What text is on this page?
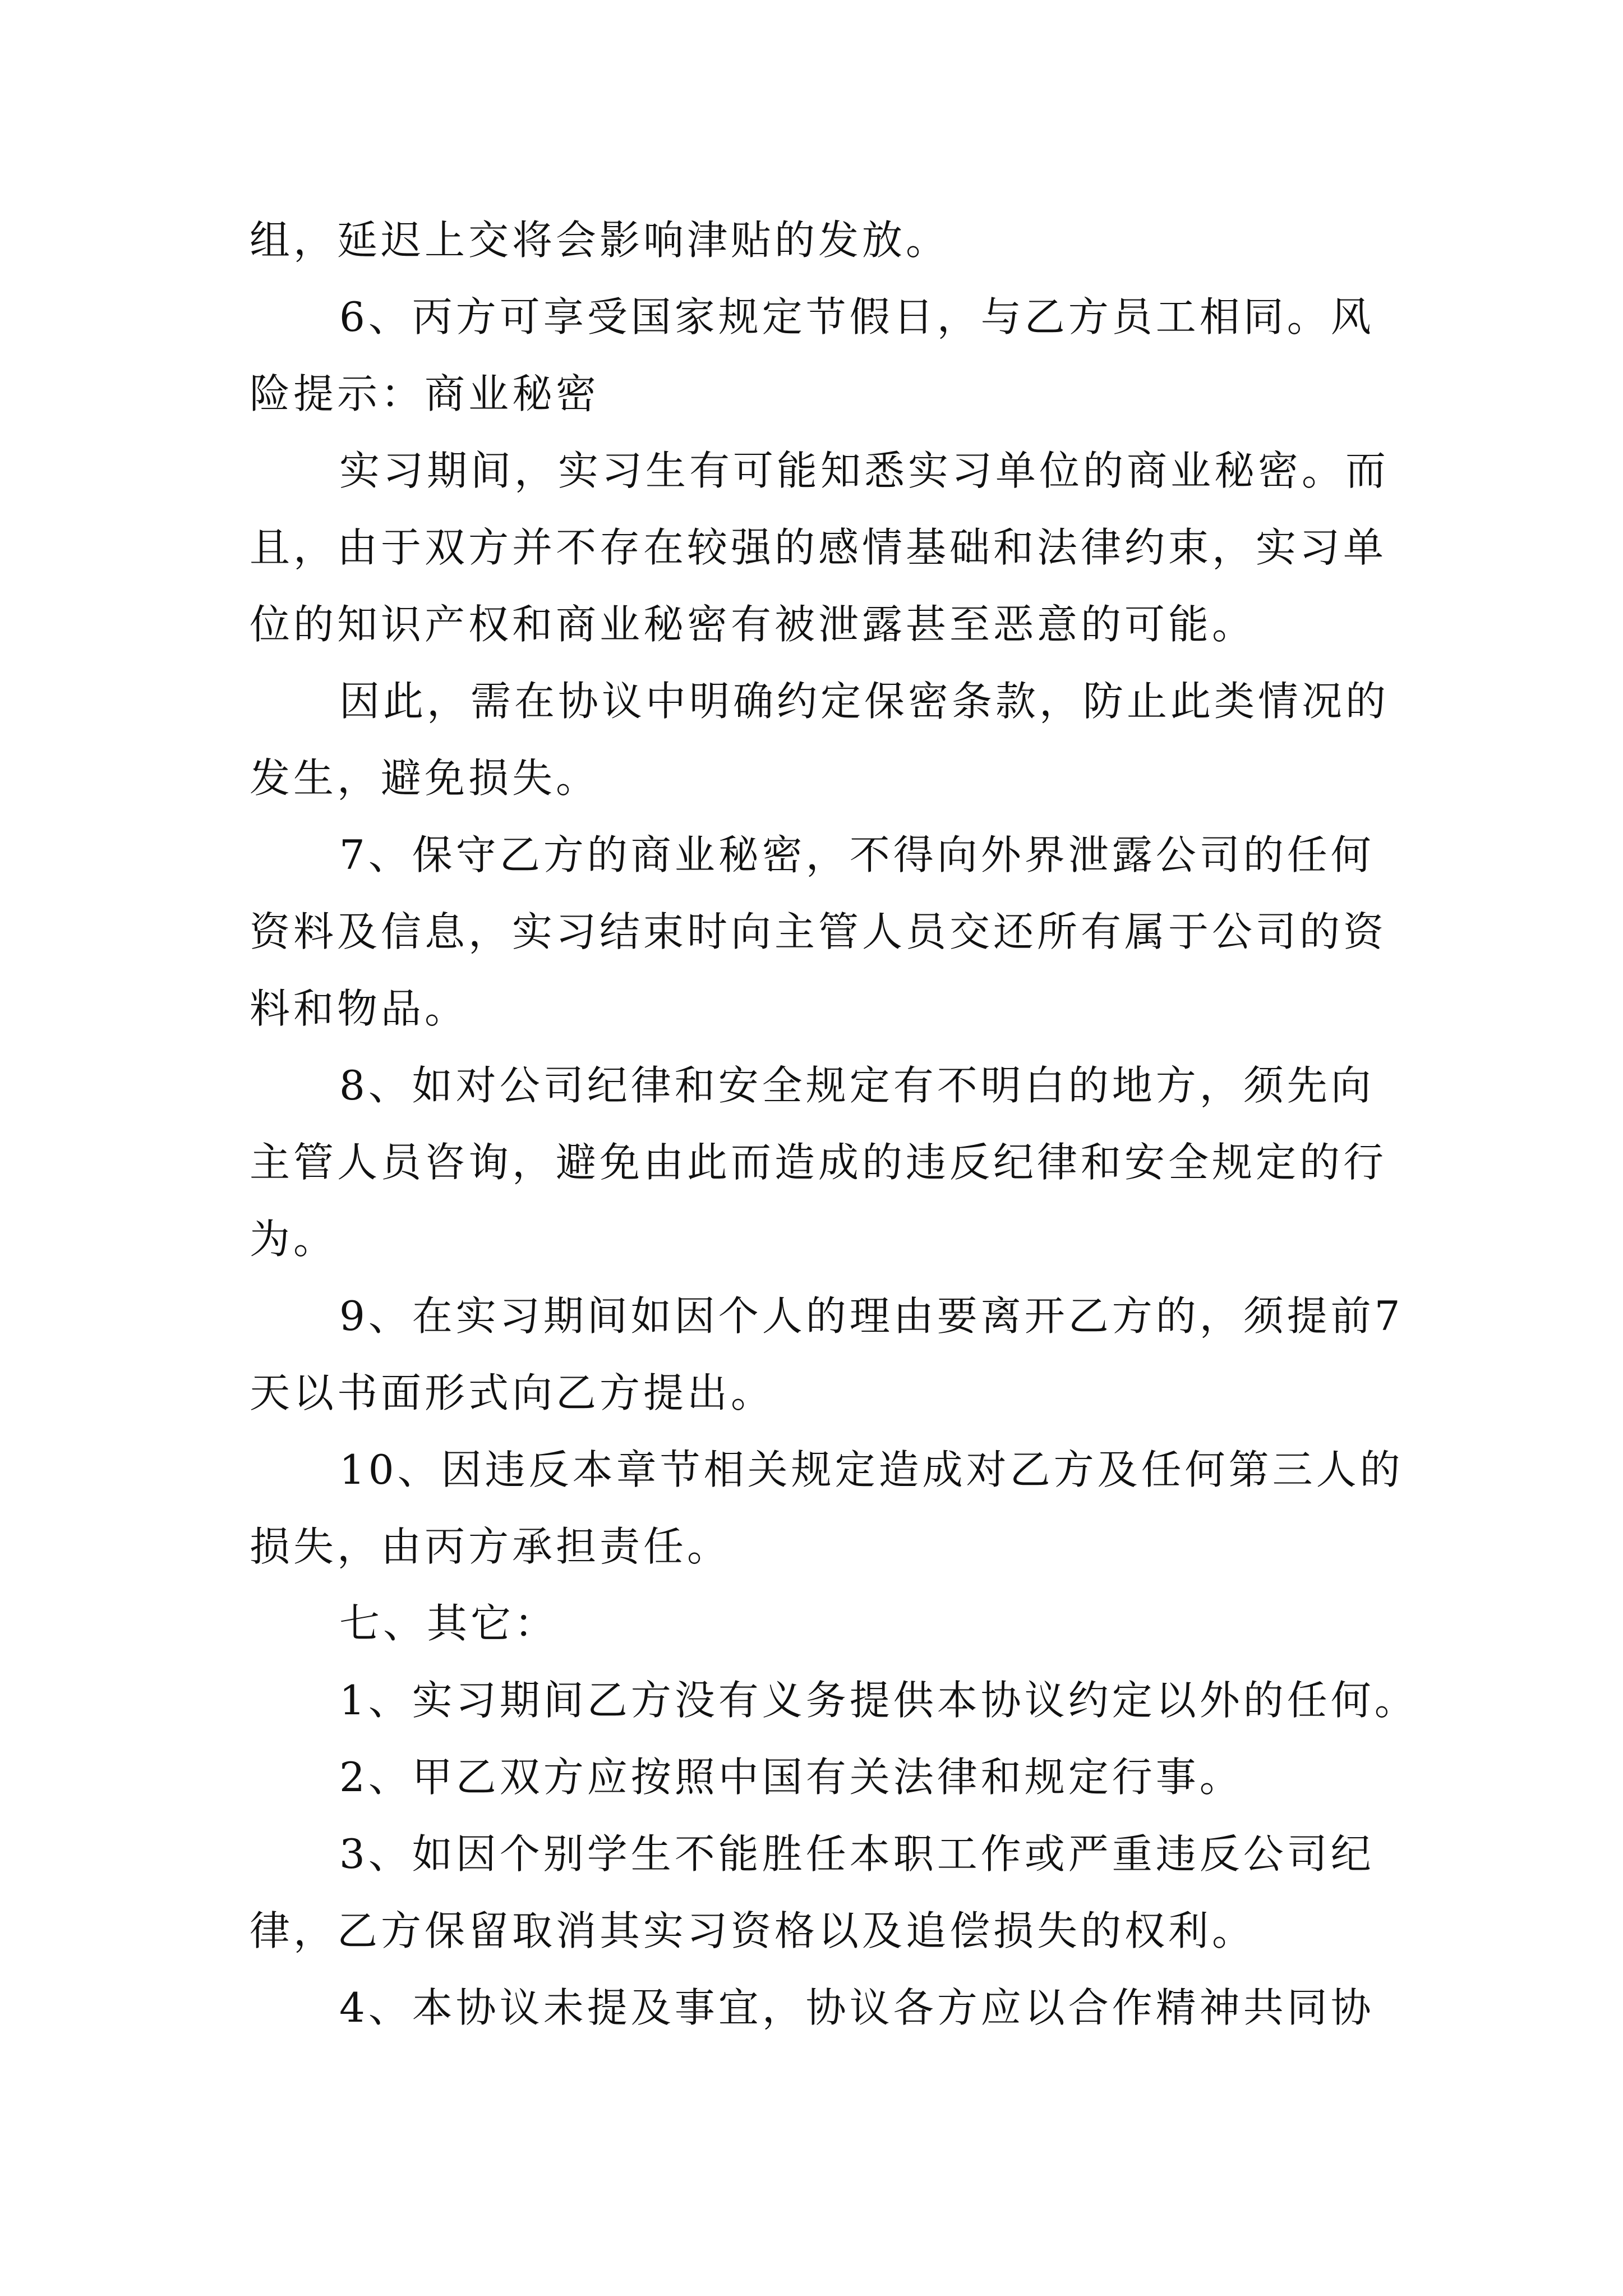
组，延迟上交将会影响津贴的发放。
6、丙方可享受国家规定节假日，与乙方员工相同。风
险提示：商业秘密
实习期间，实习生有可能知悉实习单位的商业秘密。而
且，由于双方并不存在较强的感情基础和法律约束，实习单
位的知识产权和商业秘密有被泄露甚至恶意的可能。
因此，需在协议中明确约定保密条款，防止此类情况的
发生，避免损失。
7、保守乙方的商业秘密，不得向外界泄露公司的任何
资料及信息，实习结束时向主管人员交还所有属于公司的资
料和物品。
8、如对公司纪律和安全规定有不明白的地方，须先向
主管人员咨询，避免由此而造成的违反纪律和安全规定的行
为。
9、在实习期间如因个人的理由要离开乙方的，须提前7
天以书面形式向乙方提出。
10、因违反本章节相关规定造成对乙方及任何第三人的
损失，由丙方承担责任。
七、其它：
1、实习期间乙方没有义务提供本协议约定以外的任何。
2、甲乙双方应按照中国有关法律和规定行事。
3、如因个别学生不能胜任本职工作或严重违反公司纪
律，乙方保留取消其实习资格以及追偿损失的权利。
4、本协议未提及事宜，协议各方应以合作精神共同协
